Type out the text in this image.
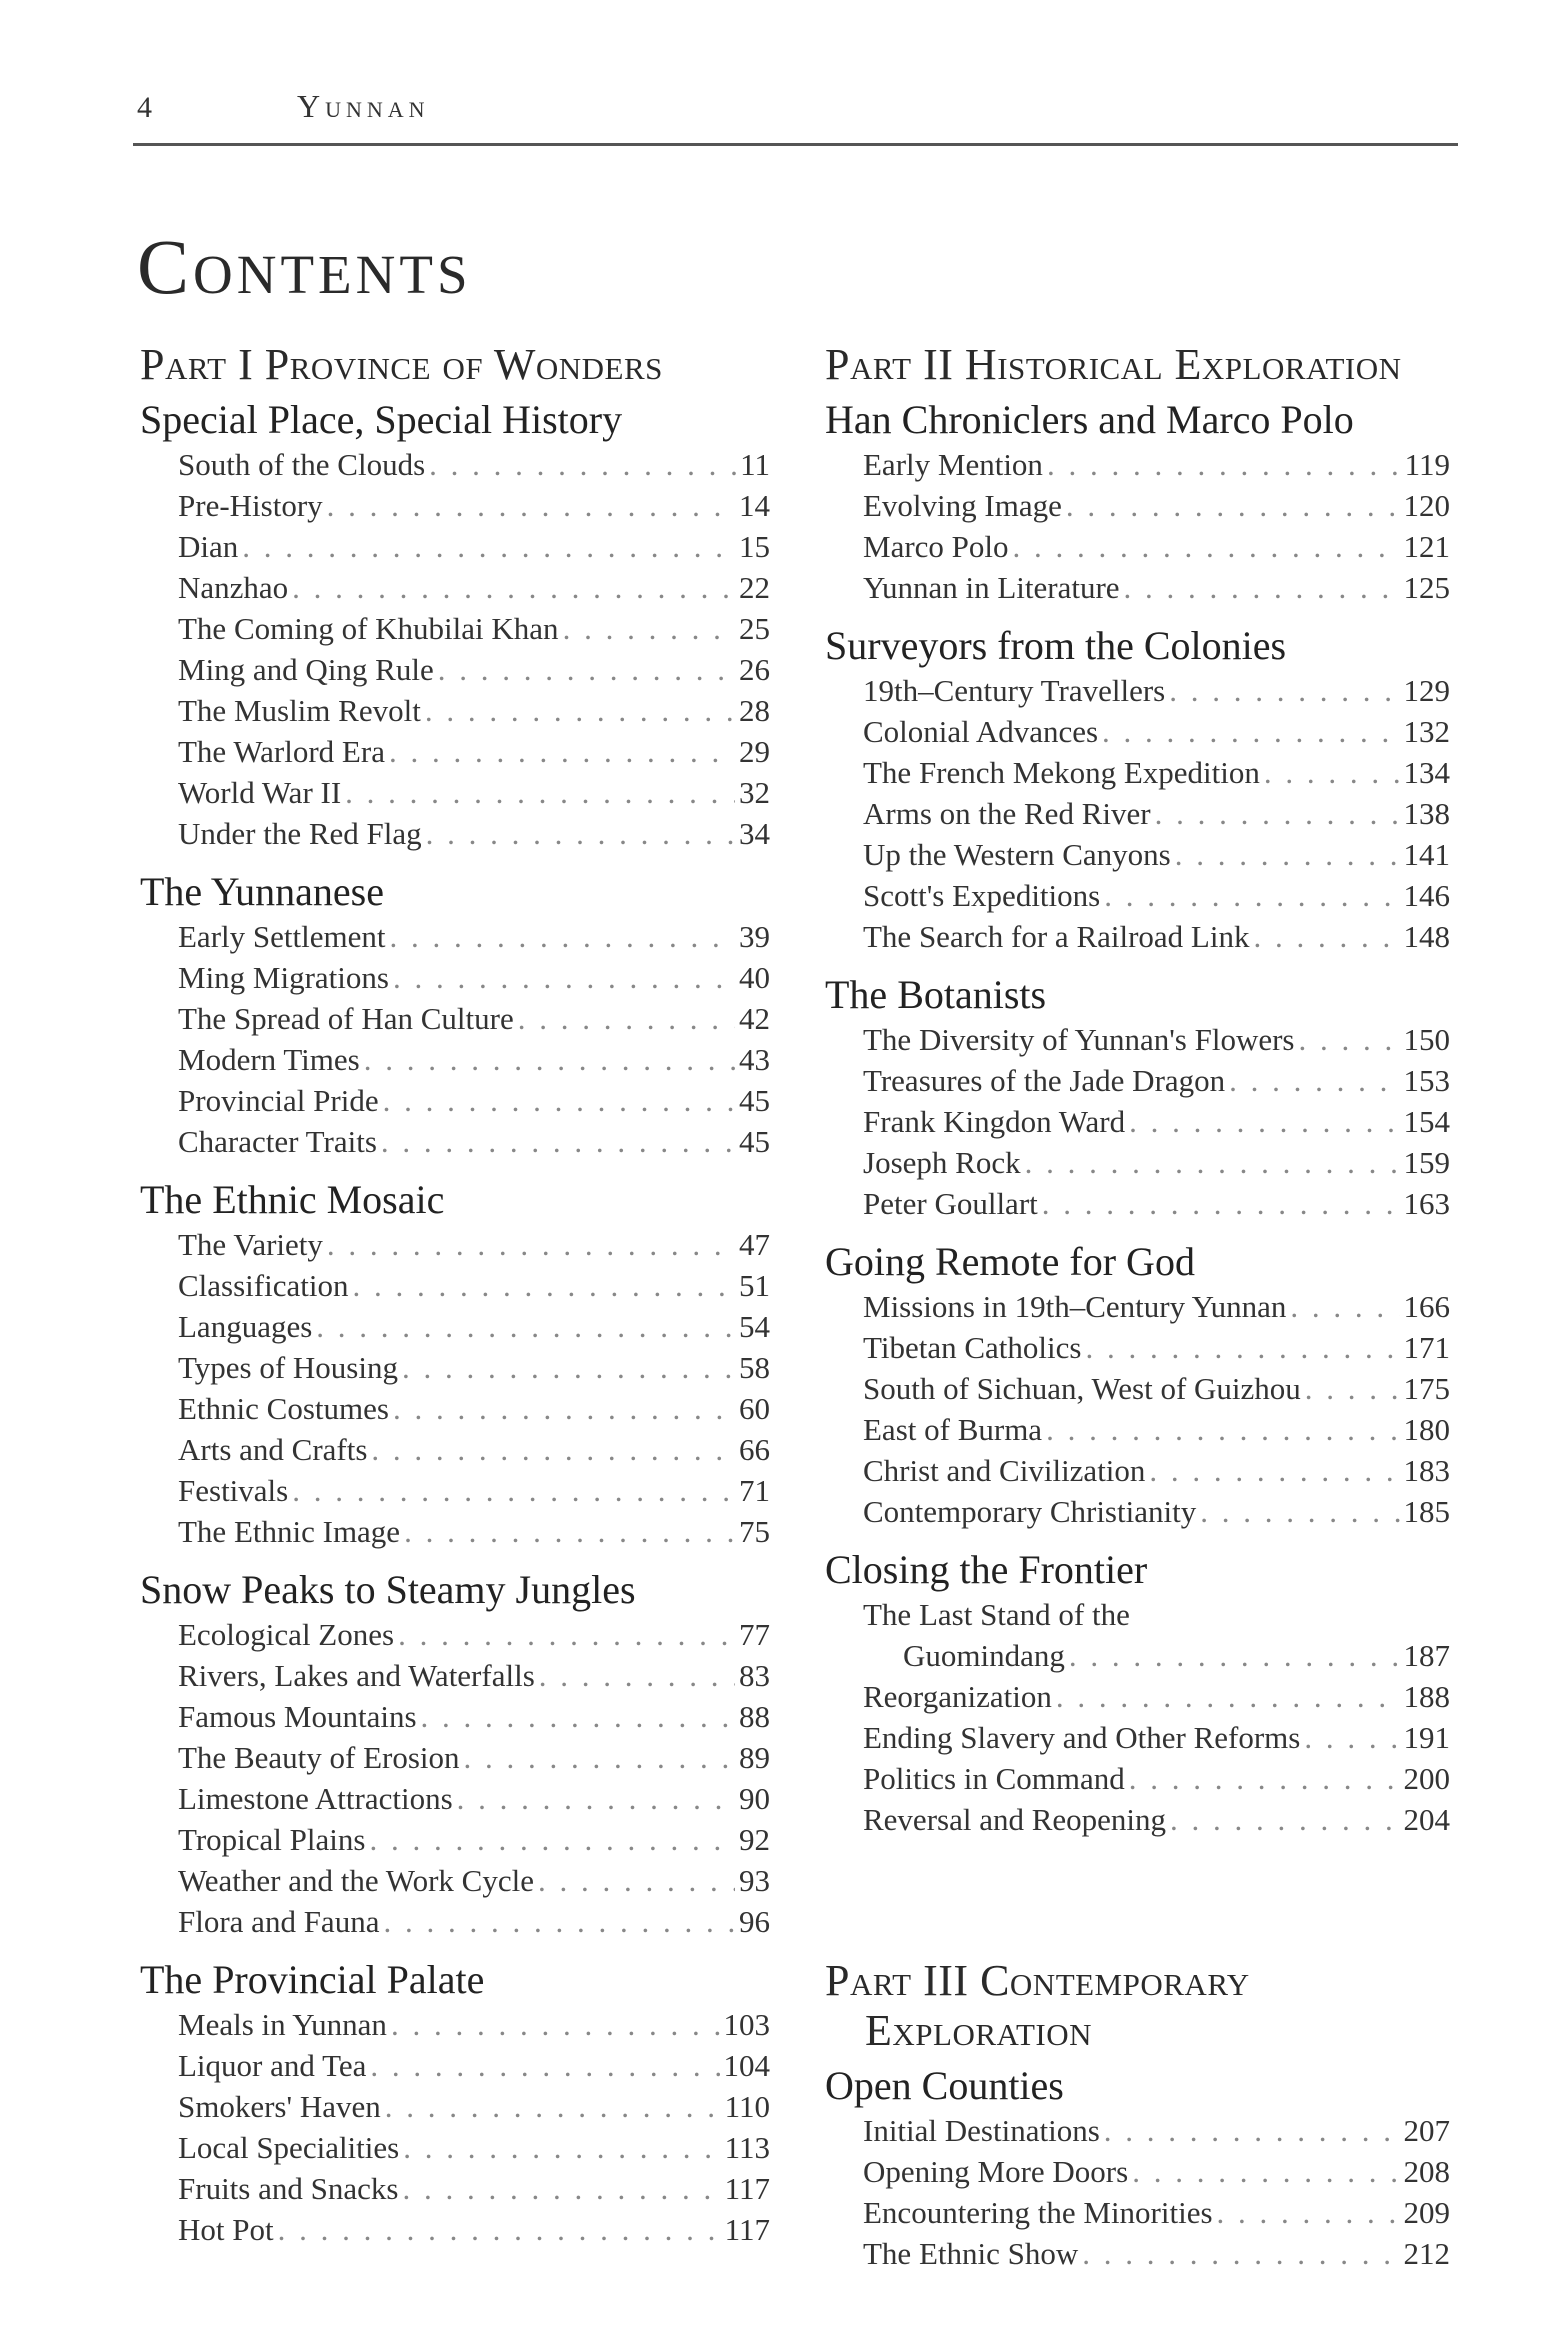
4	Yunnan
Contents
Part I Province of Wonders
Special Place, Special History
South of the Clouds . . .	11
Pre-History . . .	14
Dian . . .	15
Nanzhao . . .	22
The Coming of Khubilai Khan . . .	25
Ming and Qing Rule . . .	26
The Muslim Revolt . . .	28
The Warlord Era . . .	29
World War II . . .	32
Under the Red Flag . . .	34
The Yunnanese
Early Settlement . . .	39
Ming Migrations . . .	40
The Spread of Han Culture . . .	42
Modern Times . . .	43
Provincial Pride . . .	45
Character Traits . . .	45
The Ethnic Mosaic
The Variety . . .	47
Classification . . .	51
Languages . . .	54
Types of Housing . . .	58
Ethnic Costumes . . .	60
Arts and Crafts . . .	66
Festivals . . .	71
The Ethnic Image . . .	75
Snow Peaks to Steamy Jungles
Ecological Zones . . .	77
Rivers, Lakes and Waterfalls . . .	83
Famous Mountains . . .	88
The Beauty of Erosion . . .	89
Limestone Attractions . . .	90
Tropical Plains . . .	92
Weather and the Work Cycle . . .	93
Flora and Fauna . . .	96
The Provincial Palate
Meals in Yunnan . . .	103
Liquor and Tea . . .	104
Smokers' Haven . . .	110
Local Specialities . . .	113
Fruits and Snacks . . .	117
Hot Pot . . .	117
Part II Historical Exploration
Han Chroniclers and Marco Polo
Early Mention . . .	119
Evolving Image . . .	120
Marco Polo . . .	121
Yunnan in Literature . . .	125
Surveyors from the Colonies
19th–Century Travellers . . .	129
Colonial Advances . . .	132
The French Mekong Expedition . . .	134
Arms on the Red River . . .	138
Up the Western Canyons . . .	141
Scott's Expeditions . . .	146
The Search for a Railroad Link . . .	148
The Botanists
The Diversity of Yunnan's Flowers . . .	150
Treasures of the Jade Dragon . . .	153
Frank Kingdon Ward . . .	154
Joseph Rock . . .	159
Peter Goullart . . .	163
Going Remote for God
Missions in 19th–Century Yunnan . . .	166
Tibetan Catholics . . .	171
South of Sichuan, West of Guizhou . . .	175
East of Burma . . .	180
Christ and Civilization . . .	183
Contemporary Christianity . . .	185
Closing the Frontier
The Last Stand of the
Guomindang . . .	187
Reorganization . . .	188
Ending Slavery and Other Reforms . . .	191
Politics in Command . . .	200
Reversal and Reopening . . .	204
Part III Contemporary Exploration
Open Counties
Initial Destinations . . .	207
Opening More Doors . . .	208
Encountering the Minorities . . .	209
The Ethnic Show . . .	212
